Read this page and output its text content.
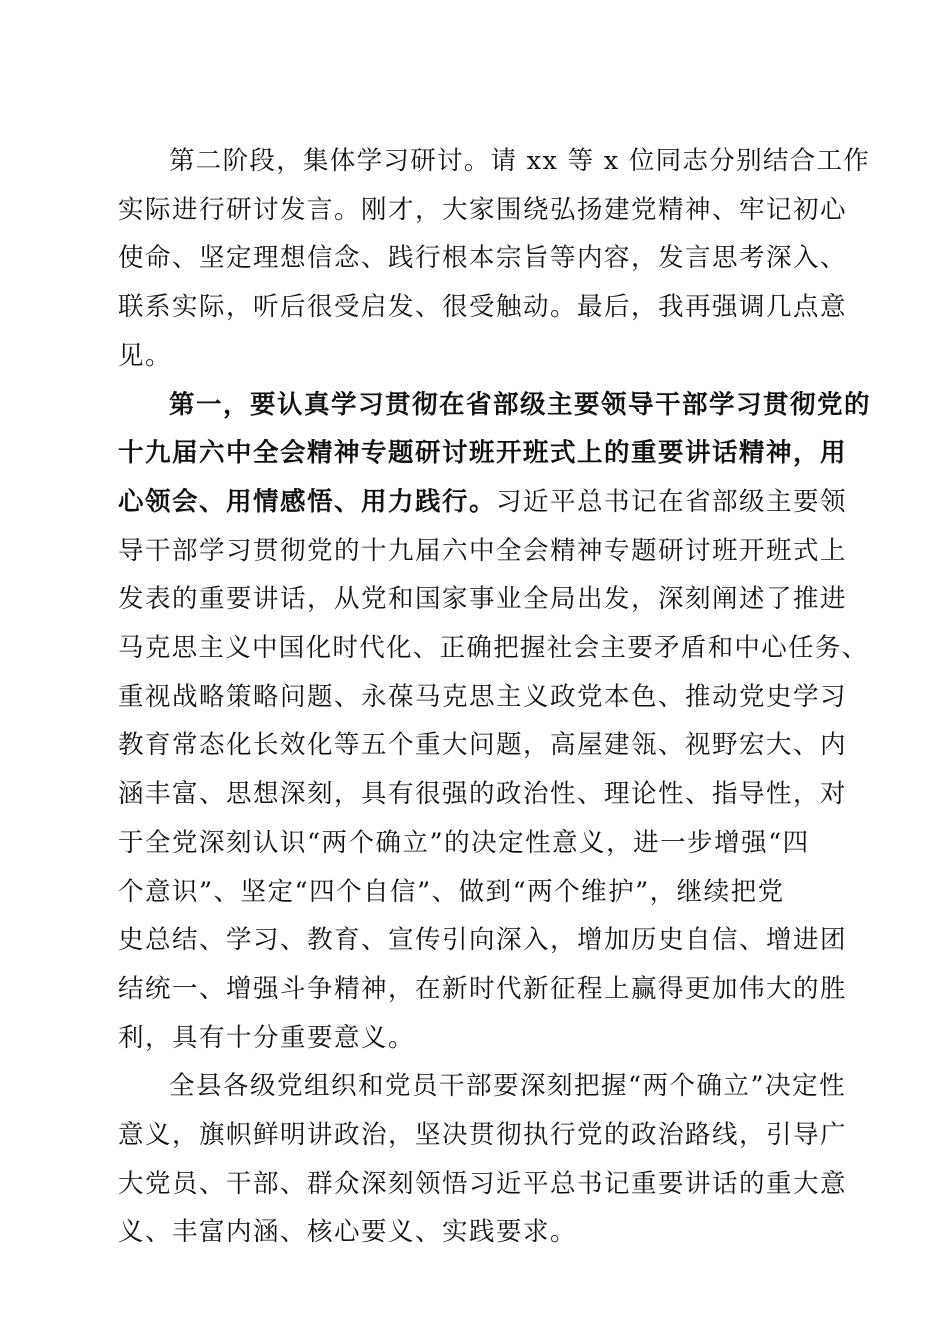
第二阶段，集体学习研讨。请 xx 等 x 位同志分别结合工作
实际进行研讨发言。刚才，大家围绕弘扬建党精神、牢记初心
使命、坚定理想信念、践行根本宗旨等内容，发言思考深入、
联系实际，听后很受启发、很受触动。最后，我再强调几点意
见。
第一，要认真学习贯彻在省部级主要领导干部学习贯彻党的
十九届六中全会精神专题研讨班开班式上的重要讲话精神，用
心领会、用情感悟、用力践行。习近平总书记在省部级主要领
导干部学习贯彻党的十九届六中全会精神专题研讨班开班式上
发表的重要讲话，从党和国家事业全局出发，深刻阐述了推进
马克思主义中国化时代化、正确把握社会主要矛盾和中心任务、
重视战略策略问题、永葆马克思主义政党本色、推动党史学习
教育常态化长效化等五个重大问题，高屋建瓴、视野宏大、内
涵丰富、思想深刻，具有很强的政治性、理论性、指导性，对
于全党深刻认识“两个确立”的决定性意义，进一步增强“四
个意识”、坚定“四个自信”、做到“两个维护”，继续把党
史总结、学习、教育、宣传引向深入，增加历史自信、增进团
结统一、增强斗争精神，在新时代新征程上赢得更加伟大的胜
利，具有十分重要意义。
全县各级党组织和党员干部要深刻把握“两个确立”决定性
意义，旗帜鲜明讲政治，坚决贯彻执行党的政治路线，引导广
大党员、干部、群众深刻领悟习近平总书记重要讲话的重大意
义、丰富内涵、核心要义、实践要求。
